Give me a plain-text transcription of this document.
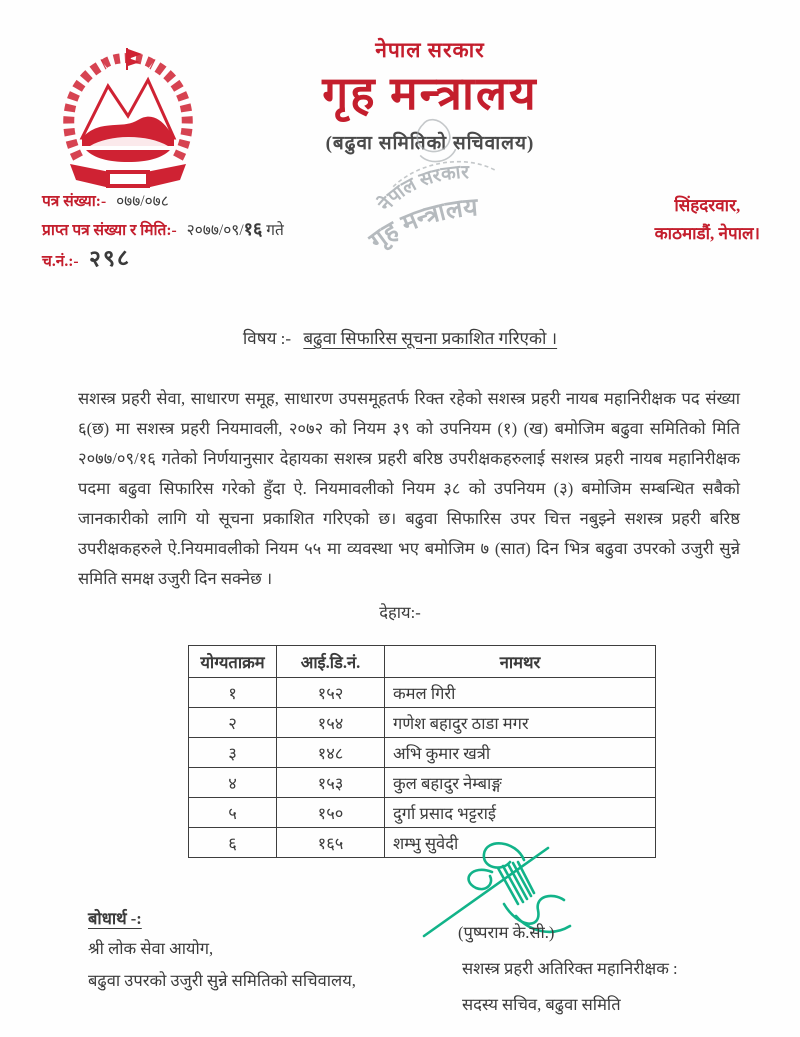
नेपाल सरकार
गृह मन्त्रालय
(बढुवा समितिको सचिवालय)
नेपाल सरकार
गृह मन्त्रालय
पत्र संख्या:- ०७७/०७८
प्राप्त पत्र संख्या र मिति:- २०७७/०९/१६ गते
च.नं.:- २९८
सिंहदरवार,
काठमाडौं, नेपाल।
विषय :- बढुवा सिफारिस सूचना प्रकाशित गरिएको ।
सशस्त्र प्रहरी सेवा, साधारण समूह, साधारण उपसमूहतर्फ रिक्त रहेको सशस्त्र प्रहरी नायब महानिरीक्षक पद संख्या ६(छ) मा सशस्त्र प्रहरी नियमावली, २०७२ को नियम ३९ को उपनियम (१) (ख) बमोजिम बढुवा समितिको मिति २०७७/०९/१६ गतेको निर्णयानुसार देहायका सशस्त्र प्रहरी बरिष्ठ उपरीक्षकहरुलाई सशस्त्र प्रहरी नायब महानिरीक्षक पदमा बढुवा सिफारिस गरेको हुँदा ऐ. नियमावलीको नियम ३८ को उपनियम (३) बमोजिम सम्बन्धित सबैको जानकारीको लागि यो सूचना प्रकाशित गरिएको छ। बढुवा सिफारिस उपर चित्त नबुझ्ने सशस्त्र प्रहरी बरिष्ठ उपरीक्षकहरुले ऐ.नियमावलीको नियम ५५ मा व्यवस्था भए बमोजिम ७ (सात) दिन भित्र बढुवा उपरको उजुरी सुन्ने समिति समक्ष उजुरी दिन सक्नेछ ।
देहाय:-
योग्यताक्रम	आई.डि.नं.	नामथर
१	१५२	कमल गिरी
२	१५४	गणेश बहादुर ठाडा मगर
३	१४८	अभि कुमार खत्री
४	१५३	कुल बहादुर नेम्बाङ्ग
५	१५०	दुर्गा प्रसाद भट्टराई
६	१६५	शम्भु सुवेदी
(पुष्पराम के.सी.)
सशस्त्र प्रहरी अतिरिक्त महानिरीक्षक :
सदस्य सचिव, बढुवा समिति
बोधार्थ -:
श्री लोक सेवा आयोग,
बढुवा उपरको उजुरी सुन्ने समितिको सचिवालय,
